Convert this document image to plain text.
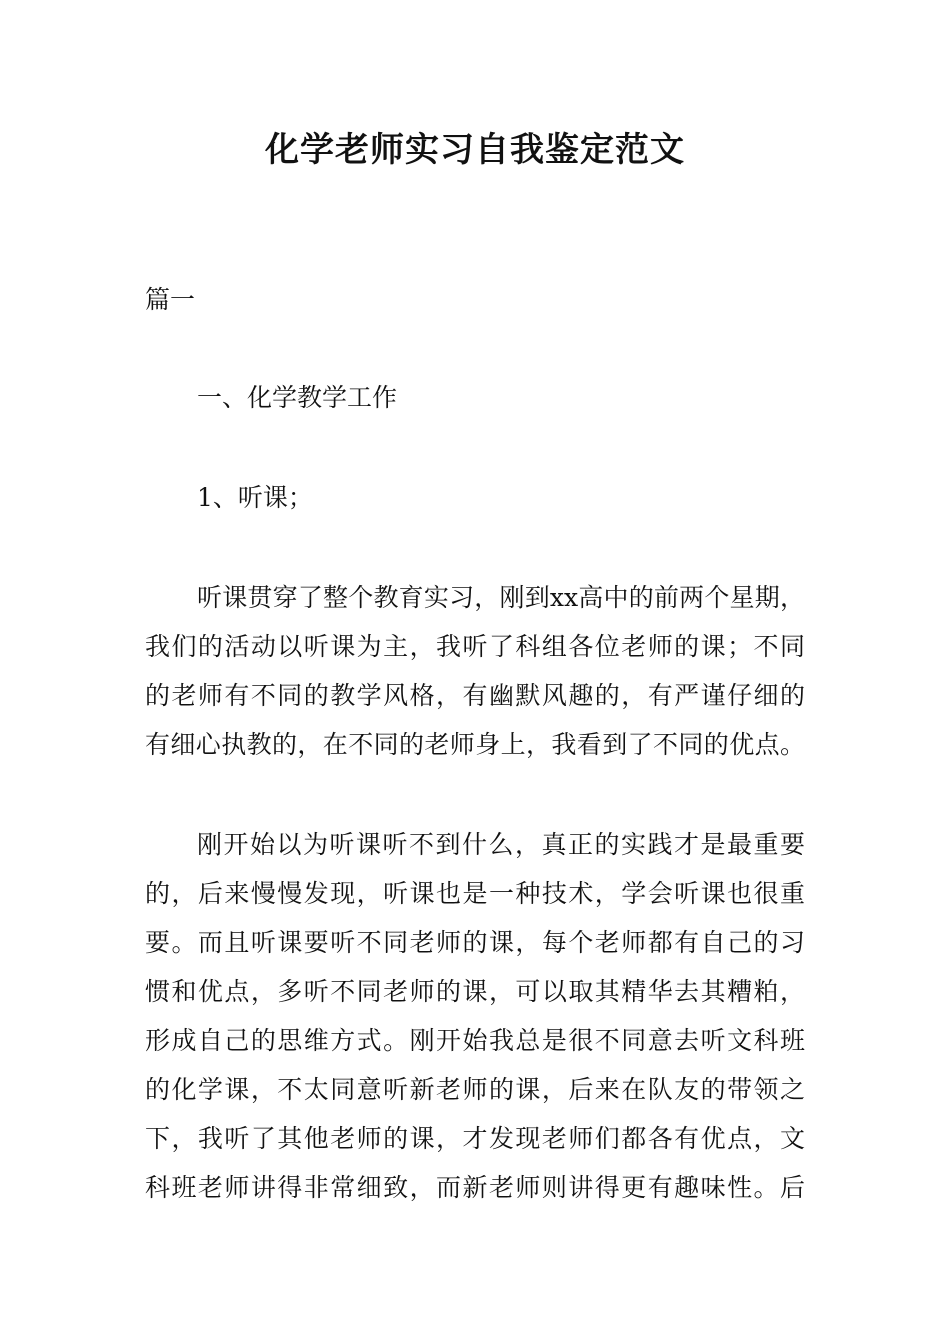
化学老师实习自我鉴定范文

篇一

一、化学教学工作

1、听课；

听课贯穿了整个教育实习，刚到xx高中的前两个星期，

我们的活动以听课为主，我听了科组各位老师的课；不同

的老师有不同的教学风格，有幽默风趣的，有严谨仔细的

有细心执教的，在不同的老师身上，我看到了不同的优点。

刚开始以为听课听不到什么，真正的实践才是最重要

的，后来慢慢发现，听课也是一种技术，学会听课也很重

要。而且听课要听不同老师的课，每个老师都有自己的习

惯和优点，多听不同老师的课，可以取其精华去其糟粕，

形成自己的思维方式。刚开始我总是很不同意去听文科班

的化学课，不太同意听新老师的课，后来在队友的带领之

下，我听了其他老师的课，才发现老师们都各有优点，文

科班老师讲得非常细致，而新老师则讲得更有趣味性。后
